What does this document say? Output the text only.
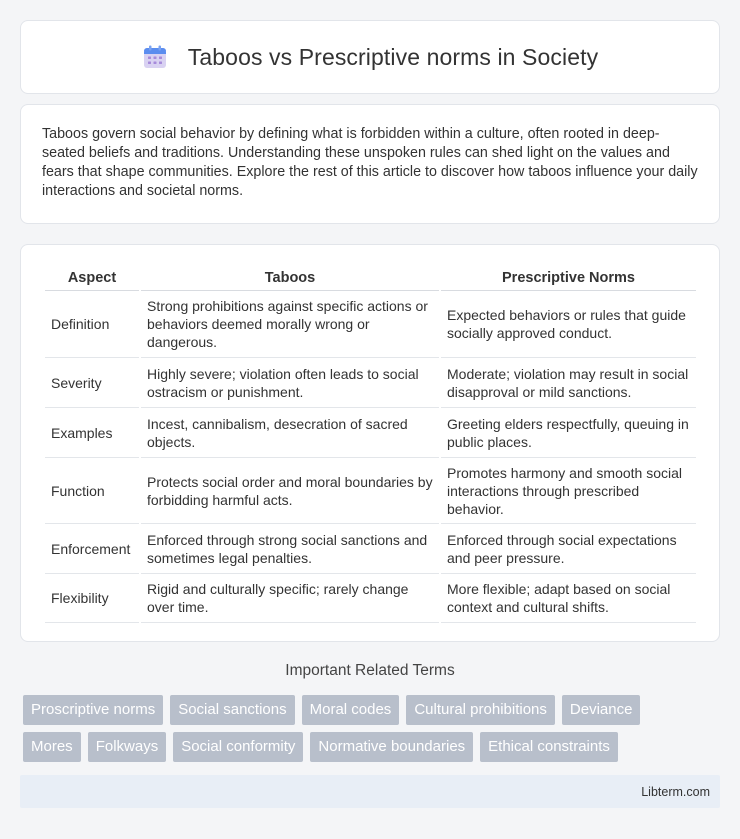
Taboos vs Prescriptive norms in Society

Taboos govern social behavior by defining what is forbidden within a culture, often rooted in deep-seated beliefs and traditions. Understanding these unspoken rules can shed light on the values and fears that shape communities. Explore the rest of this article to discover how taboos influence your daily interactions and societal norms.

Aspect	Taboos	Prescriptive Norms
Definition	Strong prohibitions against specific actions or behaviors deemed morally wrong or dangerous.	Expected behaviors or rules that guide socially approved conduct.
Severity	Highly severe; violation often leads to social ostracism or punishment.	Moderate; violation may result in social disapproval or mild sanctions.
Examples	Incest, cannibalism, desecration of sacred objects.	Greeting elders respectfully, queuing in public places.
Function	Protects social order and moral boundaries by forbidding harmful acts.	Promotes harmony and smooth social interactions through prescribed behavior.
Enforcement	Enforced through strong social sanctions and sometimes legal penalties.	Enforced through social expectations and peer pressure.
Flexibility	Rigid and culturally specific; rarely change over time.	More flexible; adapt based on social context and cultural shifts.
Important Related Terms
Proscriptive norms	Social sanctions	Moral codes	Cultural prohibitions	Deviance
Mores	Folkways	Social conformity	Normative boundaries	Ethical constraints
Libterm.com
